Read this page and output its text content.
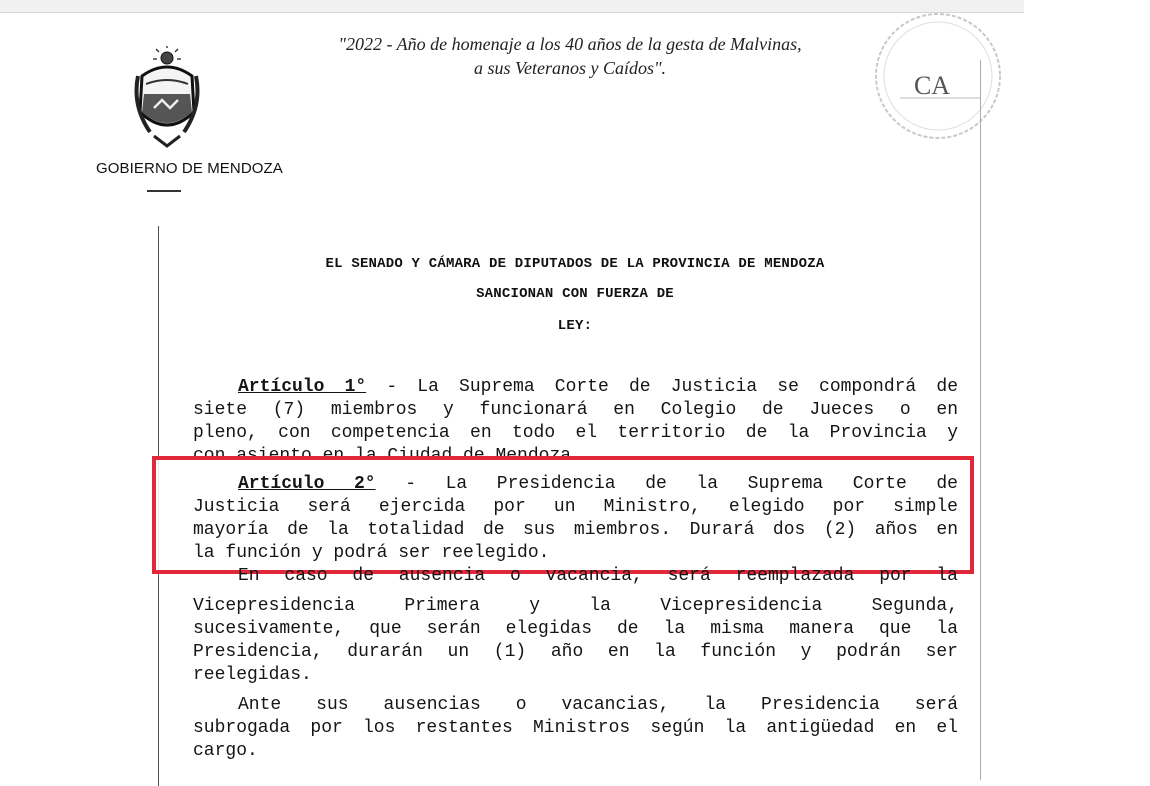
"2022 - Año de homenaje a los 40 años de la gesta de Malvinas,
a sus Veteranos y Caídos".
GOBIERNO DE MENDOZA
CA
EL SENADO Y CÁMARA DE DIPUTADOS DE LA PROVINCIA DE MENDOZA
SANCIONAN CON FUERZA DE
LEY:
Artículo 1° - La Suprema Corte de Justicia se compondrá de
siete (7) miembros y funcionará en Colegio de Jueces o en
pleno, con competencia en todo el territorio de la Provincia y
Artículo 2° - La Presidencia de la Suprema Corte de
Justicia será ejercida por un Ministro, elegido por simple
mayoría de la totalidad de sus miembros. Durará dos (2) años en
la función y podrá ser reelegido.
En caso de ausencia o vacancia, será reemplazada por la
Vicepresidencia Primera y la Vicepresidencia Segunda,
sucesivamente, que serán elegidas de la misma manera que la
Presidencia, durarán un (1) año en la función y podrán ser
reelegidas.
Ante sus ausencias o vacancias, la Presidencia será
subrogada por los restantes Ministros según la antigüedad en el
cargo.
